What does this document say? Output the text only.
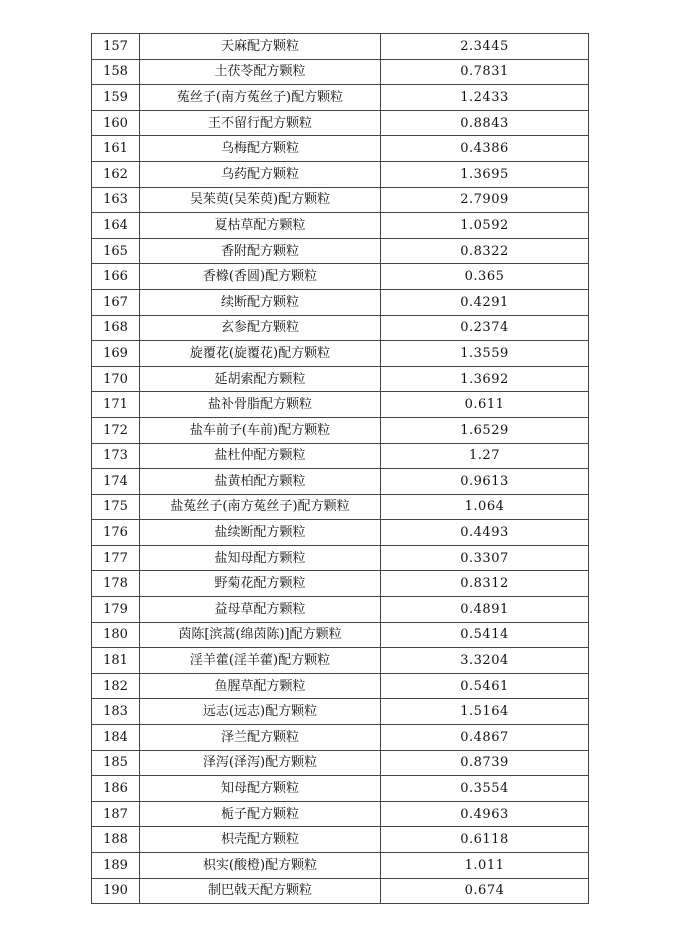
157	天麻配方颗粒	2.3445
158	土茯苓配方颗粒	0.7831
159	菟丝子(南方菟丝子)配方颗粒	1.2433
160	王不留行配方颗粒	0.8843
161	乌梅配方颗粒	0.4386
162	乌药配方颗粒	1.3695
163	吴茱萸(吴茱萸)配方颗粒	2.7909
164	夏枯草配方颗粒	1.0592
165	香附配方颗粒	0.8322
166	香橼(香圆)配方颗粒	0.365
167	续断配方颗粒	0.4291
168	玄参配方颗粒	0.2374
169	旋覆花(旋覆花)配方颗粒	1.3559
170	延胡索配方颗粒	1.3692
171	盐补骨脂配方颗粒	0.611
172	盐车前子(车前)配方颗粒	1.6529
173	盐杜仲配方颗粒	1.27
174	盐黄柏配方颗粒	0.9613
175	盐菟丝子(南方菟丝子)配方颗粒	1.064
176	盐续断配方颗粒	0.4493
177	盐知母配方颗粒	0.3307
178	野菊花配方颗粒	0.8312
179	益母草配方颗粒	0.4891
180	茵陈[滨蒿(绵茵陈)]配方颗粒	0.5414
181	淫羊藿(淫羊藿)配方颗粒	3.3204
182	鱼腥草配方颗粒	0.5461
183	远志(远志)配方颗粒	1.5164
184	泽兰配方颗粒	0.4867
185	泽泻(泽泻)配方颗粒	0.8739
186	知母配方颗粒	0.3554
187	栀子配方颗粒	0.4963
188	枳壳配方颗粒	0.6118
189	枳实(酸橙)配方颗粒	1.011
190	制巴戟天配方颗粒	0.674
